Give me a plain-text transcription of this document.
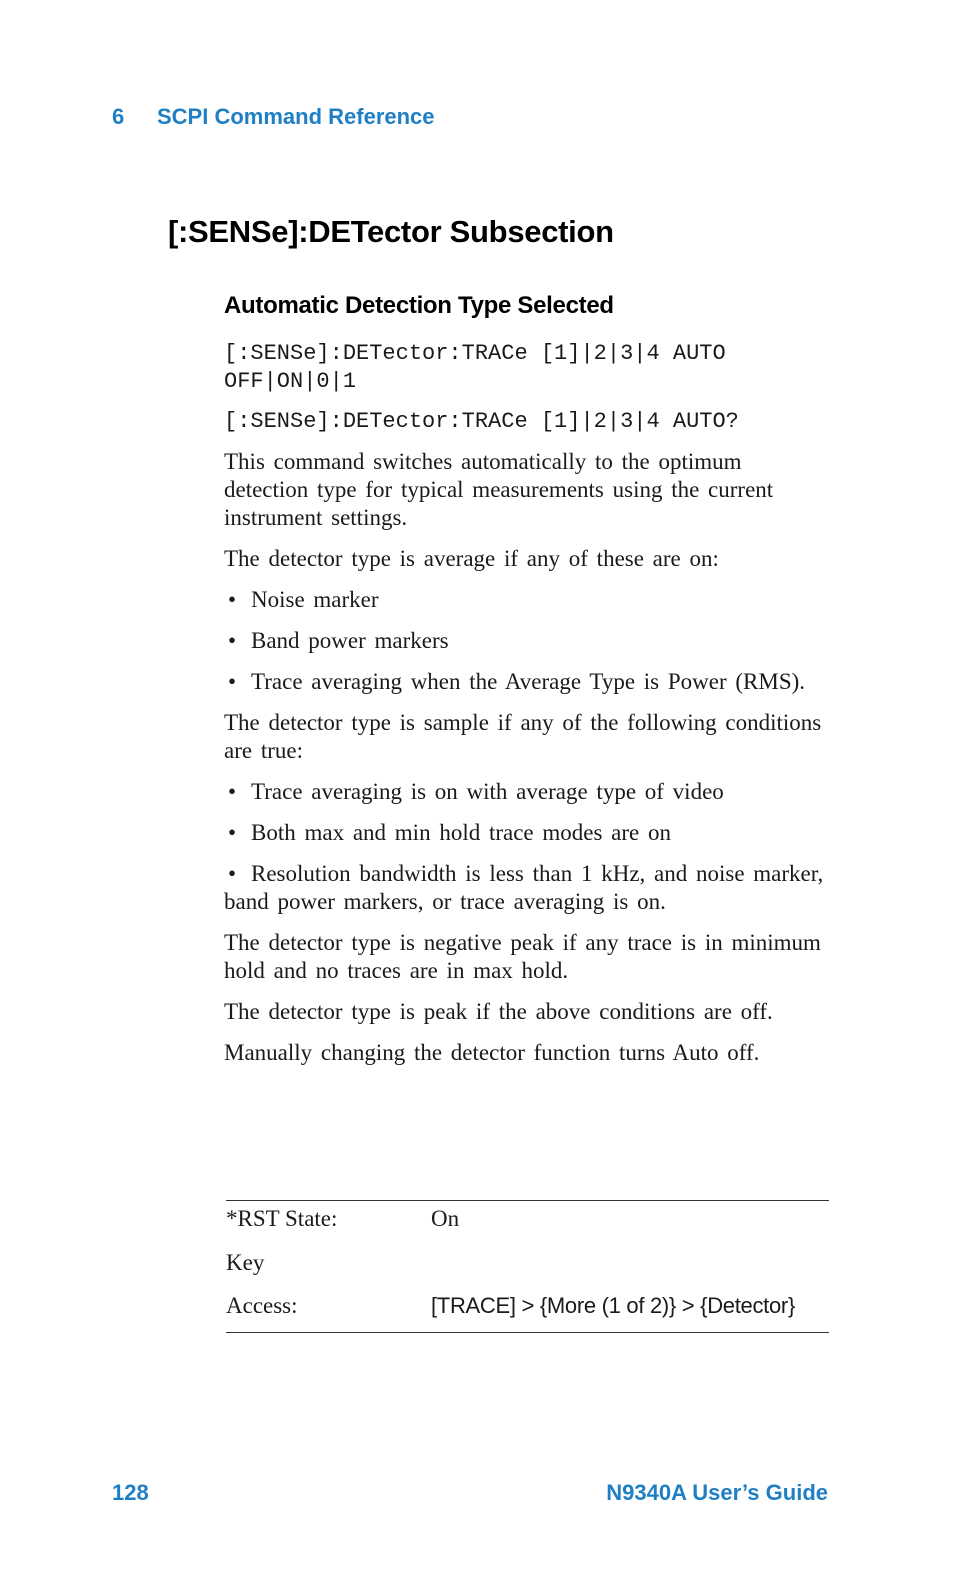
6 SCPI Command Reference
[:SENSe]:DETector Subsection
Automatic Detection Type Selected

[:SENSe]:DETector:TRACe [1]|2|3|4 AUTO
OFF|ON|0|1

[:SENSe]:DETector:TRACe [1]|2|3|4 AUTO?

This command switches automatically to the optimum detection type for typical measurements using the current instrument settings.

The detector type is average if any of these are on:

• Noise marker

• Band power markers

• Trace averaging when the Average Type is Power (RMS).

The detector type is sample if any of the following conditions are true:

• Trace averaging is on with average type of video

• Both max and min hold trace modes are on

• Resolution bandwidth is less than 1 kHz, and noise marker, band power markers, or trace averaging is on.

The detector type is negative peak if any trace is in minimum hold and no traces are in max hold.

The detector type is peak if the above conditions are off.

Manually changing the detector function turns Auto off.

*RST State:	On
Key
Access:	[TRACE] > {More (1 of 2)} > {Detector}
128	N9340A User’s Guide
